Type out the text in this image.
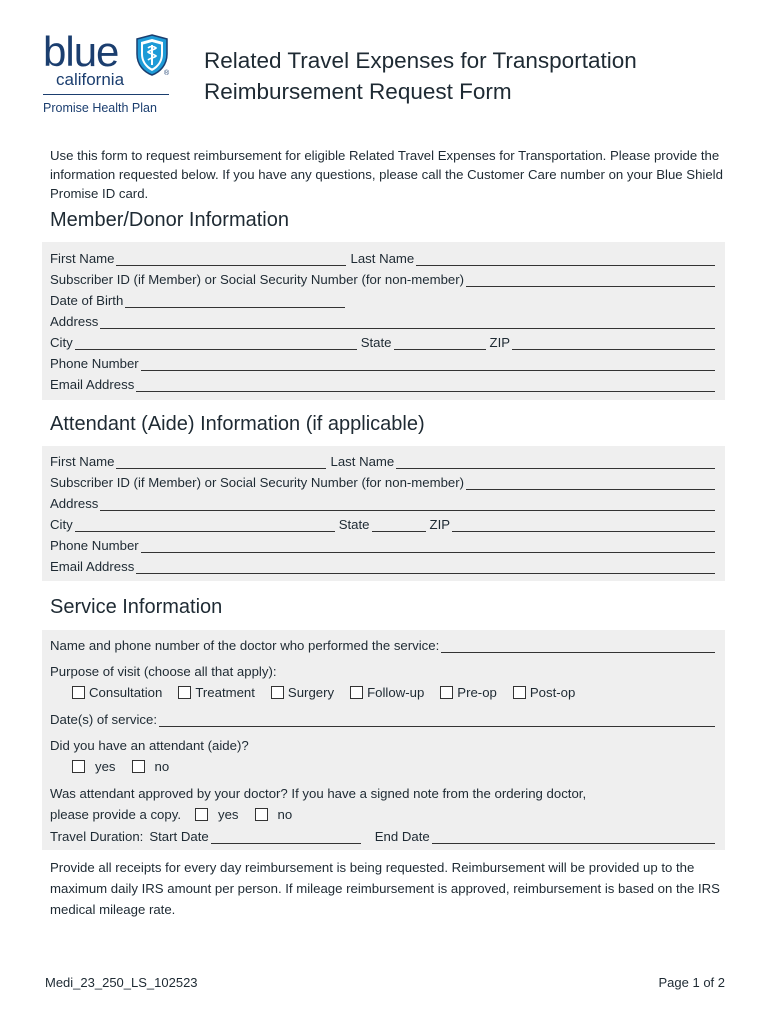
blue	®
california
Promise Health Plan
Related Travel Expenses for Transportation
Reimbursement Request Form
Use this form to request reimbursement for eligible Related Travel Expenses for Transportation. Please provide the information requested below. If you have any questions, please call the Customer Care number on your Blue Shield Promise ID card.
Member/Donor Information
First Name	Last Name
Subscriber ID (if Member) or Social Security Number (for non-member)
Date of Birth
Address
City	State	ZIP
Phone Number
Email Address
Attendant (Aide) Information (if applicable)
First Name	Last Name
Subscriber ID (if Member) or Social Security Number (for non-member)
Address
City	State	ZIP
Phone Number
Email Address
Service Information
Name and phone number of the doctor who performed the service:
Purpose of visit (choose all that apply):
Consultation	Treatment	Surgery	Follow-up	Pre-op	Post-op
Date(s) of service:
Did you have an attendant (aide)?
yes	no
Was attendant approved by your doctor? If you have a signed note from the ordering doctor,
please provide a copy.	yes	no
Travel Duration: Start Date	End Date
Provide all receipts for every day reimbursement is being requested. Reimbursement will be provided up to the maximum daily IRS amount per person. If mileage reimbursement is approved, reimbursement is based on the IRS medical mileage rate.
Medi_23_250_LS_102523	Page 1 of 2
